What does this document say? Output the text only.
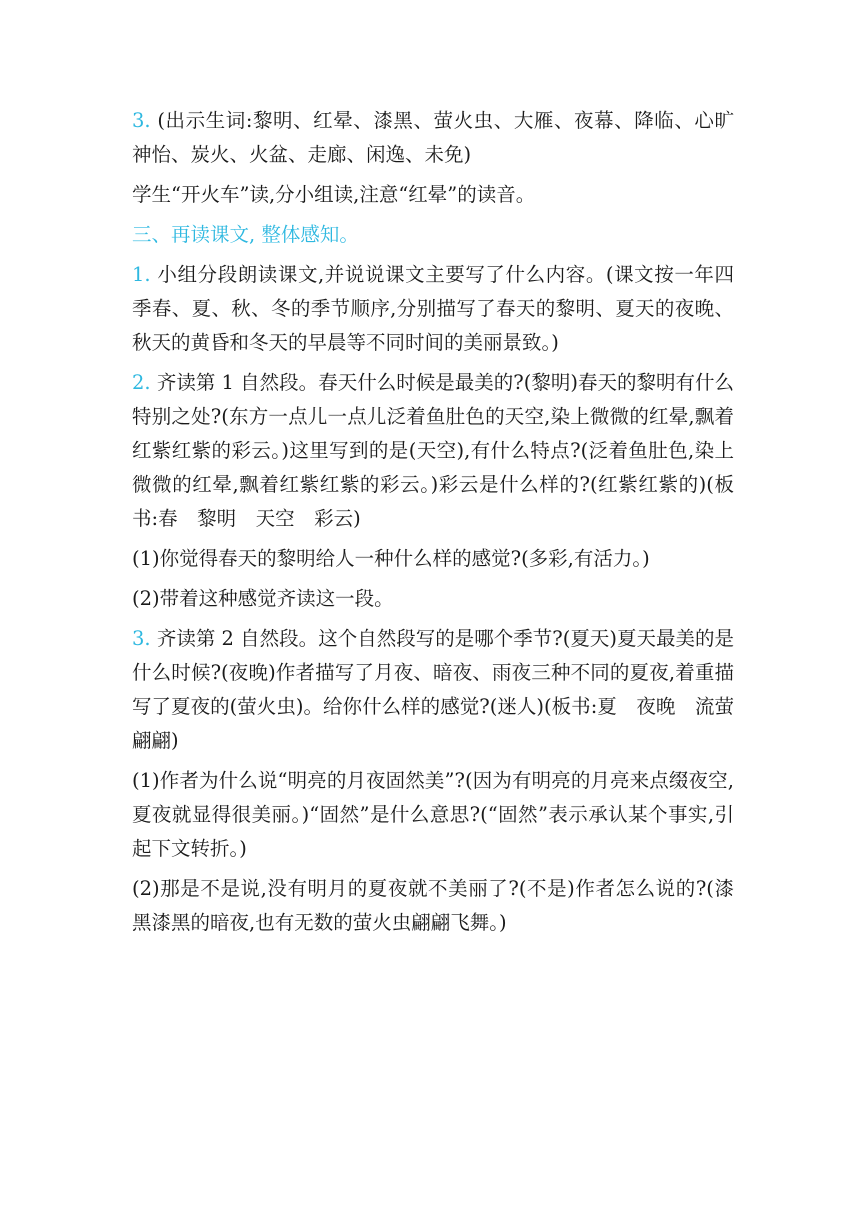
3. (出示生词:黎明、红晕、漆黑、萤火虫、大雁、夜幕、降临、心旷神怡、炭火、火盆、走廊、闲逸、未免)

学生“开火车”读,分小组读,注意“红晕”的读音。

三、再读课文, 整体感知。

1. 小组分段朗读课文,并说说课文主要写了什么内容。(课文按一年四季春、夏、秋、冬的季节顺序,分别描写了春天的黎明、夏天的夜晚、秋天的黄昏和冬天的早晨等不同时间的美丽景致。)

2. 齐读第 1 自然段。春天什么时候是最美的?(黎明)春天的黎明有什么特别之处?(东方一点儿一点儿泛着鱼肚色的天空,染上微微的红晕,飘着红紫红紫的彩云。)这里写到的是(天空),有什么特点?(泛着鱼肚色,染上微微的红晕,飘着红紫红紫的彩云。)彩云是什么样的?(红紫红紫的)(板书:春　黎明　天空　彩云)

(1)你觉得春天的黎明给人一种什么样的感觉?(多彩,有活力。)

(2)带着这种感觉齐读这一段。

3. 齐读第 2 自然段。这个自然段写的是哪个季节?(夏天)夏天最美的是什么时候?(夜晚)作者描写了月夜、暗夜、雨夜三种不同的夏夜,着重描写了夏夜的(萤火虫)。给你什么样的感觉?(迷人)(板书:夏　夜晚　流萤翩翩)

(1)作者为什么说“明亮的月夜固然美”?(因为有明亮的月亮来点缀夜空,夏夜就显得很美丽。)“固然”是什么意思?(“固然”表示承认某个事实,引起下文转折。)

(2)那是不是说,没有明月的夏夜就不美丽了?(不是)作者怎么说的?(漆黑漆黑的暗夜,也有无数的萤火虫翩翩飞舞。)
